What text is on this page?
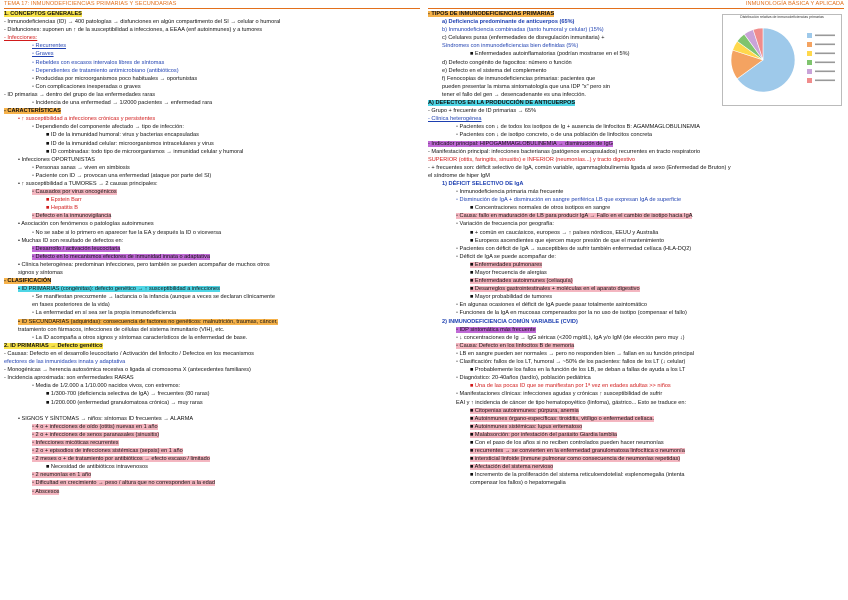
TEMA 17: INMUNODEFICIENCIAS PRIMARIAS Y SECUNDARIAS
1. CONCEPTOS GENERALES
- Inmunodeficiencias (ID) → 400 patologías → disfunciones en algún compartimento del SI → celular o humoral
- Disfunciones: suponen un ↑ de la susceptibilidad a infecciones, a EEAA (enf autoinmunes) y a tumores
- Infecciones:
▫ Recurrentes
▫ Graves
▫ Rebeldes con escasos intervalos libres de síntomas
▫ Dependientes de tratamiento antimicrobiano (antibióticos)
▫ Producidas por microorganismos poco habituales → oportunistas
▫ Con complicaciones inesperadas o graves
- ID primarias → dentro del grupo de las enfermedades raras
▫ Incidencia de una enfermedad → 1/2000 pacientes → enfermedad rara
- CARACTERÍSTICAS
• ↑ susceptibilidad a infecciones crónicas y persistentes
▫ Dependiendo del componente afectado → tipo de infección:
■ ID de la inmunidad humoral: virus y bacterias encapsuladas
■ ID de la inmunidad celular: microorganismos intracelulares y virus
■ ID combinadas: todo tipo de microorganismos → inmunidad celular y humoral
• Infecciones OPORTUNISTAS
▫ Personas sanas → viven en simbiosis
▫ Paciente con ID → provocan una enfermedad (ataque por parte del SI)
• ↑ susceptibilidad a TUMORES → 2 causas principales:
▫ Causados por virus oncogénicos
■ Epstein Barr
■ Hepatitis B
▫ Defecto en la inmunovigilancia
• Asociación con fenómenos o patologías autoinmunes
▫ No se sabe si lo primero en aparecer fue la EA y después la ID o viceversa
• Muchas ID son resultado de defectos en:
▫ Desarrollo / activación leucocitaria
▫ Defecto en lo mecanismos efectores de inmunidad innata o adaptativa
• Clínica heterogénea: predominan infecciones, pero también se pueden acompañar de muchos otros
signos y síntomas
- CLASIFICACIÓN
• ID PRIMARIAS (congénitas): defecto genético → ↑ susceptibilidad a infecciones
▫ Se manifiestan precozmente → lactancia o la infancia (aunque a veces se declaran clínicamente
en fases posteriores de la vida)
▫ La enfermedad en sí sea ser la propia inmunodeficiencia
• ID SECUNDARIAS (adquiridas): consecuencia de factores no genéticos: malnutrición, traumas, cáncer,
tratamiento con fármacos, infecciones de células del sistema inmunitario (VIH), etc.
▫ La ID acompaña a otros signos y síntomas característicos de la enfermedad de base.
2. ID PRIMARIAS → Defecto genético
- Causas: Defecto en el desarrollo leucocitario / Activación del linfocito / Defectos en los mecanismos
efectores de las inmunidades innata y adaptativa
- Monogénicas → herencia autosómica recesiva o ligada al cromosoma X (antecedentes familiares)
- Incidencia aproximada: son enfermedades RARAS
▫ Media de 1/2.000 a 1/10.000 nacidos vivos, con extremos:
■ 1/300-700 (deficiencia selectiva de IgA) → frecuentes (80 raras)
■ 1/200.000 (enfermedad granulomatosa crónica) → muy raras
• SIGNOS Y SÍNTOMAS → niños: síntomas ID frecuentes → ALARMA
▫ 4 o + infecciones de oído (otitis) nuevas en 1 año
▫ 2 o + infecciones de senos paranasales (sinusitis)
▫ Infecciones micóticas recurrentes
▫ 2 o + episodios de infecciones sistémicas (sepsis) en 1 año
▫ 2 meses o + de tratamiento por antibióticos → efecto escaso / limitado
■ Necesidad de antibióticos intravenosos
▫ 2 neumonías en 1 año
▫ Dificultad en crecimiento → peso / altura que no corresponden a la edad
▫ Abscesos
INMUNOLOGÍA BÁSICA Y APLICADA
- TIPOS DE INMUNODEFICIENCIAS PRIMARIAS
a) Deficiencia predominante de anticuerpos (65%)
b) Inmunodeficiencia combinadas (tanto humoral y celular) (15%)
c) Celulares puras (enfermedades de disregulación inmunitaria) +
Síndromes con inmunodeficiencias bien definidas (5%)
■ Enfermedades autoinflamatorias (podrían mostrarse en el 5%)
d) Defecto congénito de fagocitos: número o función
e) Defecto en el sistema del complemento
f) Fenocopias de inmunodeficiencias primarias: pacientes que
pueden presentar la misma sintomatología que una IDP "x" pero sin
tener el fallo del gen → desencadenante es una infección.
A) DEFECTOS EN LA PRODUCCIÓN DE ANTICUERPOS
- Grupo + frecuente de ID primarias → 65%
- Clínica heterogénea
▫ Pacientes con ↓ de todos los isotipos de Ig + ausencia de linfocitos B: AGAMMAGLOBULINEMIA
▫ Pacientes con ↓ de isotipo concreto, o de una población de linfocitos concreta
- Indicador principal: HIPOGAMMAGLOBULINEMIA → disminución de IgG
- Manifestación principal: infecciones bacterianas (patógenos encapsulados) recurrentes en tracto respiratorio
SUPERIOR (otitis, faringitis, sinusitis) e INFERIOR (neumonías...) y tracto digestivo
- + frecuentes son: déficit selectivo de IgA, común variable, agammaglobulinemia ligada al sexo (Enfermedad de Bruton) y
el síndrome de hiper IgM
1) DÉFICIT SELECTIVO DE IgA
▫ Inmunodeficiencia primaria más frecuente
▫ Disminución de IgA + disminución en sangre periférica LB que expresan IgA de superficie
■ Concentraciones normales de otros isotipos en sangre
▫ Causa: fallo en maduración de LB para producir IgA → Fallo en el cambio de isotipo hacia IgA
▫ Variación de frecuencia por geografía:
■ + común en caucásicos, europeos → ↑ países nórdicos, EEUU y Australia
■ Europeos ascendientes que ejercen mayor presión de que el mantenimiento
▫ Pacientes con déficit de IgA → susceptibles de sufrir también enfermedad celíaca (HLA-DQ2)
▫ Déficit de IgA se puede acompañar de:
■ Enfermedades pulmonares
■ Mayor frecuencia de alergias
■ Enfermedades autoinmunes (celiaquía)
■ Desarreglos gastrointestinales + moléculas en el aparato digestivo
■ Mayor probabilidad de tumores
▫ En algunas ocasiones el déficit de IgA puede pasar totalmente asintomático
▫ Funciones de la IgA en mucosas compensados por la no uso de isotipo (compensar el fallo)
2) INMUNODEFICIENCIA COMÚN VARIABLE (CVID)
▫ IDP sintomática más frecuente
▫ ↓ concentraciones de Ig → IgG séricas (<200 mg/dL), IgA y/o IgM (de elección pero muy ↓)
▫ Causa: Defecto en los linfocitos B de memoria
▫ LB en sangre pueden ser normales → pero no responden bien → fallan en su función principal
▫ Clasificación: fallos de los LT, humoral → ~50% de los pacientes: fallos de los LT (↓ celular)
■ Probablemente los fallos en la función de los LB, se deban a fallas de ayuda a los LT
▫ Diagnóstico: 20-40años (tardío), población pediátrica
■ Una de las pocas ID que se manifiestan por 1ª vez en edades adultas >> niños
▫ Manifestaciones clínicas: infecciones agudas y crónicas ↑ susceptibilidad de sufrir
EAI y ↑ incidencia de cáncer de tipo hematopoyético (linfoma), gástrico... Esto se traduce en:
■ Citopenias autoinmunes: púrpura, anemia
■ Autoinmunes órgano-específicas: tiroiditis, vitíligo o enfermedad celíaca.
■ Autoinmunes sistémicas: lupus eritematoso
■ Malabsorción: por infestación del parásito Giardia lamblia
■ Con el paso de los años si no reciben controlados pueden hacer neumonías
■ recurrentes → se convierten en la enfermedad granulomatosa linfocítica o neumonía
■ intersticial linfoide (inmune pulmonar como consecuencia de neumonías repetidas)
■ Afectación del sistema nervioso
■ Incremento de la proliferación del sistema reticuloendotelial: esplenomegalia (intenta
compensar los fallos) o hepatomegalia
Distribución relativa de inmunodeficiencias primarias
